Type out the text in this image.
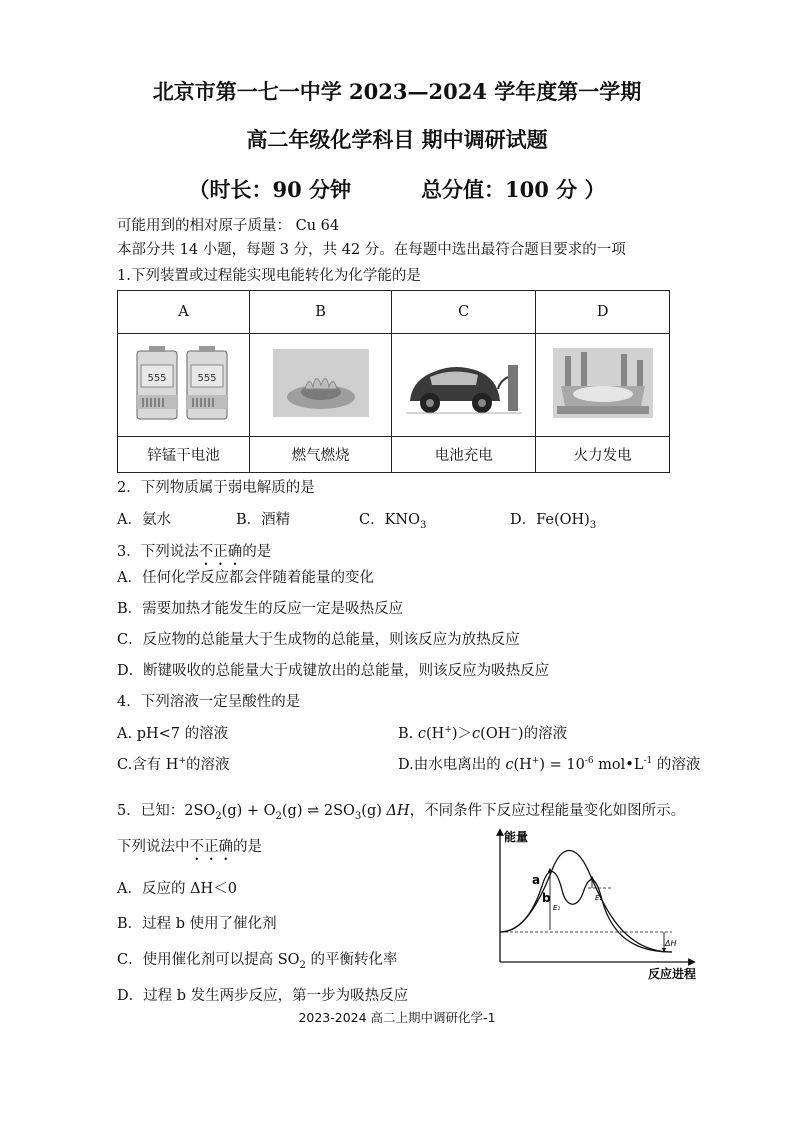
北京市第一七一中学 2023—2024 学年度第一学期
高二年级化学科目 期中调研试题
（时长：90 分钟	总分值：100 分 ）
可能用到的相对原子质量： Cu 64
本部分共 14 小题，每题 3 分，共 42 分。在每题中选出最符合题目要求的一项
1.下列装置或过程能实现电能转化为化学能的是
A	B	C	D

555 555

锌锰干电池	燃气燃烧	电池充电	火力发电
2．下列物质属于弱电解质的是
A．氨水	B．酒精	C．$KNO_3$	D．$Fe(OH)_3$
3．下列说法不正确的是
A．任何化学反应都会伴随着能量的变化
B．需要加热才能发生的反应一定是吸热反应
C．反应物的总能量大于生成物的总能量，则该反应为放热反应
D．断键吸收的总能量大于成键放出的总能量，则该反应为吸热反应
4．下列溶液一定呈酸性的是
A. pH<7 的溶液	B. c(H+)＞c(OH−)的溶液
C.含有 H+的溶液	D.由水电离出的 $c(H^+) = 10^{-6}$ $mol•L^{-1}$ 的溶液
5．已知：$2SO_2(g) + O_2(g)$ ⇌ $2SO_3(g)$ ΔH，不同条件下反应过程能量变化如图所示。
下列说法中不正确的是
A．反应的 ΔH＜0
B．过程 b 使用了催化剂
C．使用催化剂可以提高 $SO_2$ 的平衡转化率
D．过程 b 发生两步反应，第一步为吸热反应
能量
反应进程
a
b
E₁
E₂
ΔH
2023-2024 高二上期中调研化学-1
